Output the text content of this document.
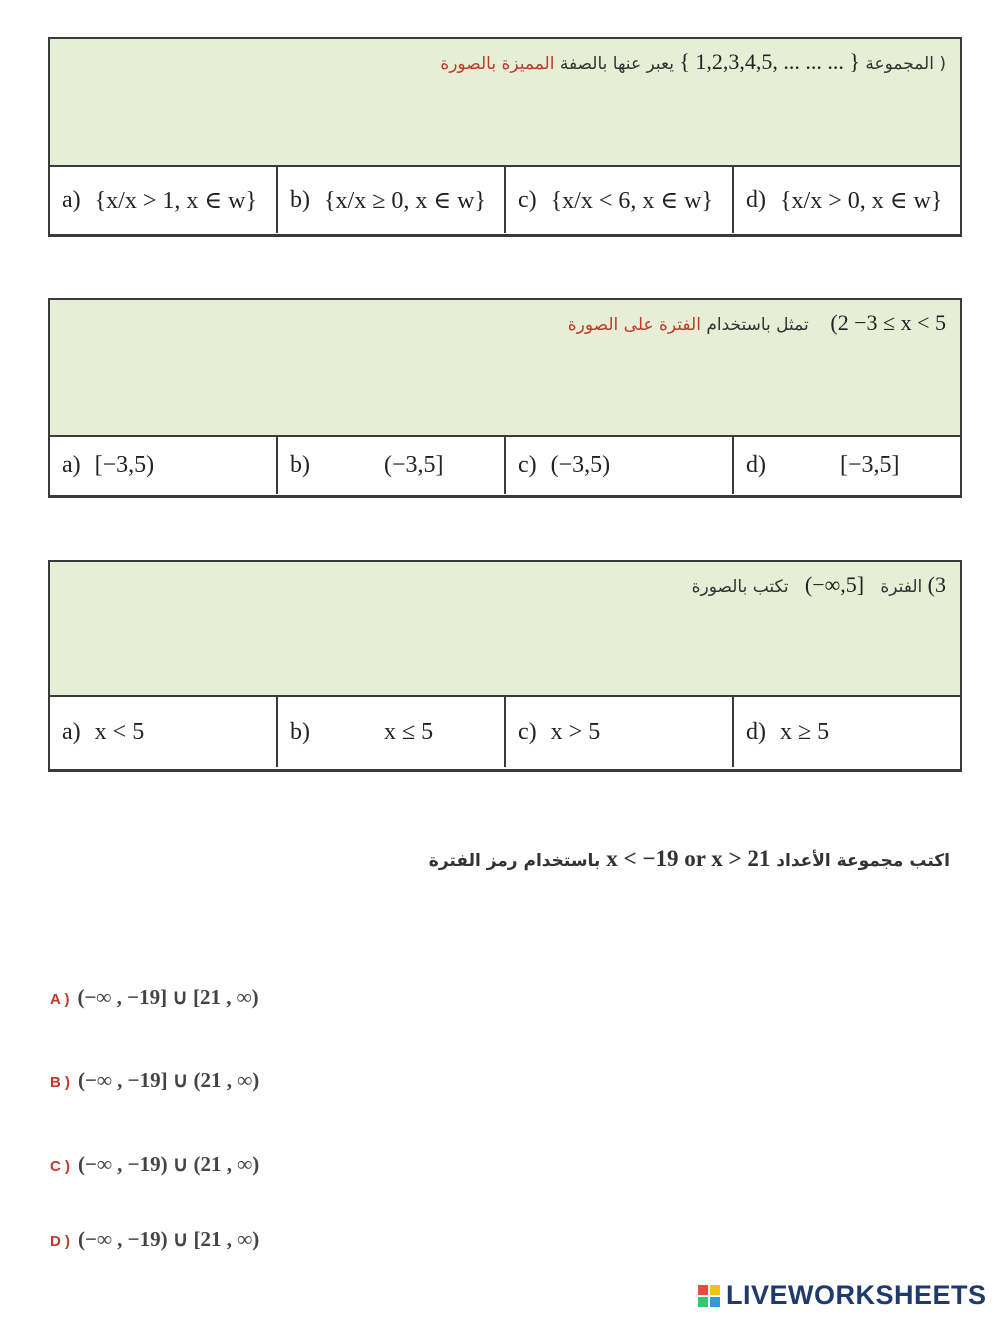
( المجموعة { 1,2,3,4,5, ... ... ... } يعبر عنها بالصفة المميزة بالصورة
a) {x/x > 1, x ∈ w} b) {x/x ≥ 0, x ∈ w} c) {x/x < 6, x ∈ w} d) {x/x > 0, x ∈ w}
(2 −3 ≤ x < 5    تمثل باستخدام الفترة على الصورة
a) [−3,5)	b)	(−3,5]	c) (−3,5)	d)	[−3,5]
(3 الفترة   (−∞,5]   تكتب بالصورة
a) x < 5	b)	x ≤ 5	c) x > 5	d) x ≥ 5
اكتب مجموعة الأعداد x < −19 or x > 21 باستخدام رمز الفترة
A ) (−∞ , −19] ∪ [21 , ∞)
B ) (−∞ , −19] ∪ (21 , ∞)
C ) (−∞ , −19) ∪ (21 , ∞)
D ) (−∞ , −19) ∪ [21 , ∞)
LIVEWORKSHEETS
